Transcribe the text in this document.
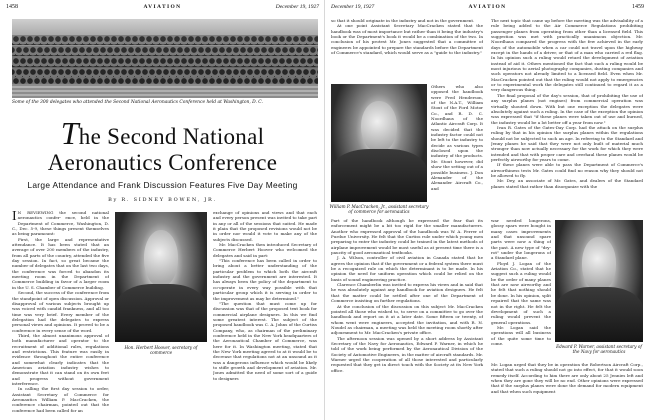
1458	AVIATION	December 19, 1927
Some of the 300 delegates who attended the Second National Aeronautics Conference held at Washington, D. C.
The Second National
Aeronautics Conference
Large Attendance and Frank Discussion Features Five Day Meeting
By R. SIDNEY BOWEN, JR.

I N REVIEWING the second national aeronautics confer- ence, held in the Department of Commerce, Washington, D. C., Dec. 5-9, these things present themselves as being paramount:

First, the large and representative attendance. It has been stated that an average of over 200 members of the industry, from all parts of the country, attended the five day session. In fact, so great became the number of delegates that on the last two days, the conference was forced to abandon its meeting room in the Department of Commerce building in favor of a larger room in the U. S. Chamber of Commerce building.

Second, the success of the conference from the standpoint of open discussion. Approval or disapproval of various subjects brought up was voiced with candid frankness, and all too time was very brief. Every member of the delegation had the delegates to express personal views and opinions. It proved to be a conference in every sense of the word.

Third, the almost unanimous approval of both manufacturer and operator to the recruitment of additional rules, regulations and restrictions. This feature was easily in evidence throughout the entire conference and somewhat clearly indicates that the American aviation industry wishes to demonstrate that it can stand on its own feet and progress without government interference.

In calling the first day session to order, Assistant Secretary of Commerce for Aeronautics William P. MacCracken, the conference chairman, pointed out that the conference had been called for an

Hon. Herbert Hoover, secretary of commerce

exchange of opinions and views and that each and every person present was invited to take part in any or all of the sessions that suited. He made it plain that the proposed revisions would not be in order nor would it vote to make any of the subjects discussed.

Mr. MacCracken then introduced Secretary of Commerce Herbert Hoover who welcomed the delegates and said in part:

"This conference has been called in order to bring about a better understanding of the particular problem to which both the aircraft industry and the government are interested. It has always been the policy of the department to co-operate in every way possible with that particular group which it is serving in order to the improvement as may be determined."

"The question that must come up for discussion was that of the proposed text book for commercial airplane designers. In this we find some greatest interest. The subject of the proposed handbook was C. A. Johns of the Curtiss Company, who, as chairman of the preliminary conference held in the New York headquarters of the Aeronautical Chamber of Commerce, was here for it. In Washington meeting, stated that the New York meeting agreed to at it would be to decrease that regulations not at an unsound as it was a dangerous influence which would be likely to stifle growth and development of aviation. Mr. Jones admitted the need of some sort of a guide to designers

December 19, 1927	AVIATION	1459

so that it should originate in the industry and not in the government.

At one point Assistant Secretary MacCracken stated that the handbook was of most importance but rather than it being the industry's book or the Department's book it would be a combination of the two. In conclusion of his protest Mr. Jones suggested that a committee of engineers be appointed to prepare the standards before the Department of Commerce's standard, which would serve as a "guide to the industry."

William P. MacCracken, Jr., assistant secretary of commerce for aeronautics

Others who also opposed the handbook were Fred Henderson, of the N.A.T., William Stout of the Ford Motor Co., and R. D. C. Noordhaus of the Atlantic Aircraft Corp. It was decided that the industry factor could not be left to the industry to decide as various types disclosed upon the industry of the products. Mr. Stout however, did show the setting out of a possible business. J. Don Alexander of the Alexander Aircraft Co., and

Part of the handbook although he expressed the fear that its enforcement might be a bit too rigid for the smaller manufacturers. Another who expressed approval of the handbook was W. A. Ferrer of Purdue University. He felt that the Curtiss rule under which young men preparing to enter the industry could be trained in the latest methods of airplane improvement would be most useful as at present time there is a paucity of good aeronautical textbooks.

J. A. Wilson, controller of civil aviation in Canada stated that he agrees the opinion that if the government or a federal system there must be a recognized rule on which the determinant is to be made. In his opinion the need for uniform operation which could be relied on the basis of sound engineering practice.

Clarence Chamberlin was invited to express his views and in said that he was absolutely against any handbook for aviation designers. He felt that the matter could be settled after one of the Department of Commerce insisting on further regulations.

At the conclusion of the discussion on this subject Mr. MacCracken pointed all those who wished to, to serve on a committee to go over the handbook and report on it at a later date. Some fifteen or twenty, of whom went were engineers, accepted the invitation, and with R. N. Noudel as chairman, a meeting was held the meeting room shortly after adjournment to Mr. MacCracken's private office.

The afternoon session was opened by a short address by Assistant Secretary of the Navy for Aeronautics, Edward P. Warner, in which he told of the work being performed by the Aeronautical Division of the Society of Automotive Engineers, in the matter of aircraft standards. Mr. Warner urged the cooperation of all those interested and particularly requested that they get in direct touch with the Society at its New York office.

The next topic that came up before the meeting was the advisability of a rule being added to the Air Commerce Regulations prohibiting passenger planes from operating from other than a licensed field. This suggestion was met with practically unanimous objection. Mr. Noordhaus compared the progress with the few achieved in the early days of the automobile when a car could not travel upon the highway except in the hands of a driver, or that of a man who carried a red flag. In his opinion such a ruling would retard the development of aviation instead of aid it. Others mentioned the fact that such a ruling would be most injurious to aerial photography companies, dusting companies and such operators not already limited to a licensed field. Even when Mr. MacCracken pointed out that the ruling would not apply to emergencies or to experimental work the delegates still continued to regard it as a very dangerous thing.

The final proposal of the day's session, that of prohibiting the use of any surplus planes (not engines) from commercial operation was virtually shouted down. With but one exception the delegates were absolutely against such a ruling. In the case of the exception the opinion was expressed that "if these planes were taken out of use and burned, the industry would be a lot better off a year from now."

Ivan R. Gates of the Gates-Day Corp. had the attack on the surplus ruling by that in his opinion the surplus planes within the regulations should not be subjected to such an age. In referring to the Standard and Jenny planes he said that they were not only built of material much stronger than now actually necessary for the work for which they were intended and that with proper care and overhaul these planes would be perfectly airworthy for years to come.

If these planes were able to pass the Department of Commerce's airworthiness tests Mr. Gates could find no reason why they should not be allowed to fly.

Mr. Dey, an associate of Mr. Gates, and dealers of the Standard planes stated that rather than disorganize with the

war needed longerons, glossy spars were bought in many cases improvements and that unsound spare parts were now a thing of the past. A new type of "dry-rot" under the longerons of a Standard plane.

Floyd J. Logan of the Aviation Co., stated that he suggest such a ruling would be the order of many planes that are now airworthy and he felt that nothing should be done. In his opinion, split repaired that the same was not in the right. He felt the development of such a ruling would prevent the general operations.

Mr. Logan said the operations will all business of the quite some time to come.

Edward P. Warner, assistant secretary of the Navy for aeronautics

Mr. Logan urged that they be in operation the Robertson Aircraft Corp., stated that such a ruling should not go into effect, for that it would soon remedy itself. According to him there are only about 25 Jennies left and when they are gone they will be no end. Other opinions were expressed that if the surplus planes were done the demand for modern equipment and that when such equipment
